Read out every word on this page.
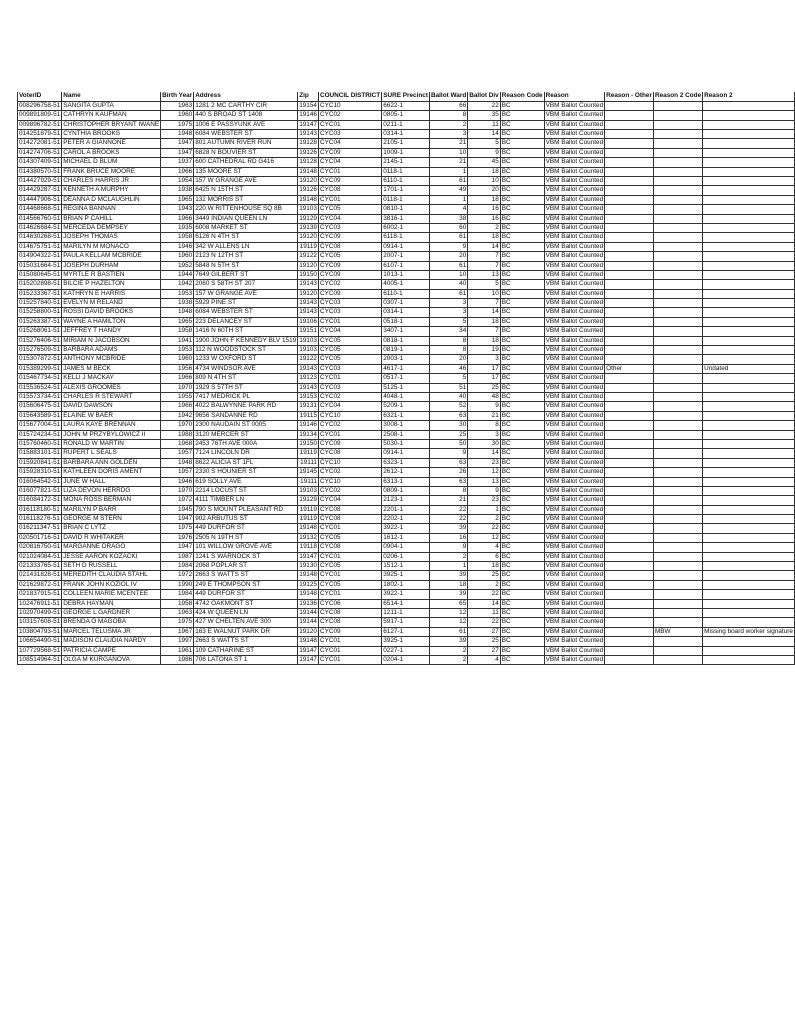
VoterID	Name	Birth Year	Address	Zip	COUNCIL DISTRICT	SURE Precinct	Ballot Ward	Ballot Div	Reason Code	Reason	Reason - Other	Reason 2 Code	Reason 2
008296758-51	SANGITA GUPTA	1963	1281 2 MC CARTHY CIR	19154	CYC10	6622-1	66	22	BC	VBM Ballot Counted			
009891809-51	CATHRYN KAUFMAN	1960	440 S BROAD ST 1408	19146	CYC02	0805-1	8	35	BC	VBM Ballot Counted			
009896782-51	CHRISTOPHER BRYANT IWANE	1975	1006 E PASSYUNK AVE	19147	CYC01	0211-1	2	11	BC	VBM Ballot Counted			
014251879-51	CYNTHIA BROOKS	1948	6084 WEBSTER ST	19143	CYC03	0314-1	3	14	BC	VBM Ballot Counted			
014272081-51	PETER A GIANNONE	1947	801 AUTUMN RIVER RUN	19128	CYC04	2105-1	21	5	BC	VBM Ballot Counted			
014274706-51	CAROL A BROOKS	1947	6828 N BOUVIER ST	19126	CYC09	1009-1	10	9	BC	VBM Ballot Counted			
014307409-51	MICHAEL D BLUM	1937	600 CATHEDRAL RD G416	19128	CYC04	2145-1	21	45	BC	VBM Ballot Counted			
014380570-51	FRANK BRUCE MOORE	1966	135 MOORE ST	19148	CYC01	0118-1	1	18	BC	VBM Ballot Counted			
014427929-51	CHARLES HARRIS JR	1954	157 W GRANGE AVE	19120	CYC09	6110-1	61	10	BC	VBM Ballot Counted			
014429287-51	KENNETH A MURPHY	1938	6425 N 15TH ST	19126	CYC08	1701-1	49	20	BC	VBM Ballot Counted			
014447906-51	DEANNA D MCLAUGHLIN	1965	132 MORRIS ST	19148	CYC01	0118-1	1	18	BC	VBM Ballot Counted			
014468668-51	REGINA BANNAN	1943	220 W RITTENHOUSE SQ 8B	19103	CYC05	0810-1	4	16	BC	VBM Ballot Counted			
014566760-51	BRIAN P CAHILL	1966	3449 INDIAN QUEEN LN	19129	CYC04	3816-1	38	16	BC	VBM Ballot Counted			
014626684-51	MERCEDA DEMPSEY	1935	6008 MARKET ST	19139	CYC03	6002-1	60	2	BC	VBM Ballot Counted			
014630268-51	JOSEPH THOMAS	1958	6126 N 4TH ST	19120	CYC09	6118-1	61	18	BC	VBM Ballot Counted			
014675751-51	MARILYN M MONACO	1946	342 W ALLENS LN	19119	CYC08	0914-1	9	14	BC	VBM Ballot Counted			
014904322-51	PAULA KELLAM MCBRIDE	1960	2123 N 12TH ST	19122	CYC05	2007-1	20	7	BC	VBM Ballot Counted			
015031664-51	JOSEPH DURHAM	1952	5848 N 5TH ST	19120	CYC09	6107-1	61	7	BC	VBM Ballot Counted			
015080645-51	MYRTLE R BASTIEN	1944	7649 GILBERT ST	19150	CYC09	1013-1	10	13	BC	VBM Ballot Counted			
015202898-51	BILCIE P HAZELTON	1942	2060 S 58TH ST 207	19143	CYC02	4005-1	40	5	BC	VBM Ballot Counted			
015233367-51	KATHRYN E HARRIS	1953	157 W GRANGE AVE	19120	CYC09	6110-1	61	10	BC	VBM Ballot Counted			
015257840-51	EVELYN M RELAND	1938	5929 PINE ST	19143	CYC03	0307-1	3	7	BC	VBM Ballot Counted			
015258800-51	ROSSI DAVID BROOKS	1948	6084 WEBSTER ST	19143	CYC03	0314-1	3	14	BC	VBM Ballot Counted			
015263387-51	WAYNE A HAMILTON	1965	223 DELANCEY ST	19106	CYC01	0518-1	5	18	BC	VBM Ballot Counted			
015268061-51	JEFFREY T HANDY	1958	1416 N 60TH ST	19151	CYC04	3407-1	34	7	BC	VBM Ballot Counted			
015276406-51	MIRIAM N JACOBSON	1941	1900 JOHN F KENNEDY BLV 1519	19103	CYC05	0818-1	8	18	BC	VBM Ballot Counted			
015276509-51	BARBARA ADAMS	1953	112 N WOODSTOCK ST	19103	CYC05	0819-1	8	19	BC	VBM Ballot Counted			
015307872-51	ANTHONY MCBRIDE	1960	1233 W OXFORD ST	19122	CYC05	2003-1	20	3	BC	VBM Ballot Counted			
015389299-51	JAMES M BECK	1956	4734 WINDSOR AVE	19143	CYC03	4617-1	46	17	BC	VBM Ballot Counted	Other		Undated
015467734-51	KELLI J MACKAY	1966	809 N 4TH ST	19123	CYC01	0517-1	5	17	BC	VBM Ballot Counted			
015536524-51	ALEXIS GROOMES	1970	1929 S 57TH ST	19143	CYC03	5125-1	51	25	BC	VBM Ballot Counted			
015573734-51	CHARLES R STEWART	1955	7417 MEDRICK PL	19153	CYC02	4048-1	40	48	BC	VBM Ballot Counted			
015606475-51	DAVID DAWSON	1966	4022 BALWYNNE PARK RD	19131	CYC04	5209-1	52	9	BC	VBM Ballot Counted			
015643589-51	ELAINE W BAER	1942	9656 SANDANNE RD	19115	CYC10	6321-1	63	21	BC	VBM Ballot Counted			
015677004-51	LAURA KAYE BRENNAN	1970	2300 NAUDAIN ST 0005	19146	CYC02	3008-1	30	8	BC	VBM Ballot Counted			
015724234-51	JOHN M PRZYBYLOWICZ II	1988	3120 MERCER ST	19134	CYC01	2508-1	25	3	BC	VBM Ballot Counted			
015760460-51	RONALD W MARTIN	1968	2453 76TH AVE 000A	19150	CYC09	5030-1	50	30	BC	VBM Ballot Counted			
015883101-51	RUPERT L SEALS	1957	7124 LINCOLN DR	19119	CYC08	0914-1	9	14	BC	VBM Ballot Counted			
015920841-51	BARBARA ANN GOLDEN	1948	8622 ALICIA ST 1FL	19111	CYC10	6323-1	63	23	BC	VBM Ballot Counted			
015928310-51	KATHLEEN DORIS AMENT	1957	2330 S HOUNIER ST	19145	CYC02	2612-1	26	12	BC	VBM Ballot Counted			
016064542-51	JUNE W HALL	1946	619 SOLLY AVE	19111	CYC10	6313-1	63	13	BC	VBM Ballot Counted			
016077821-51	LIZA DEVON HERRDG	1970	2214 LOCUST ST	19103	CYC02	0809-1	8	9	BC	VBM Ballot Counted			
016084172-51	MONA ROSS BERMAN	1972	4111 TIMBER LN	19129	CYC04	2123-1	21	23	BC	VBM Ballot Counted			
016118180-51	MARILYN P BARR	1945	790 S MOUNT PLEASANT RD	19119	CYC08	2201-1	22	1	BC	VBM Ballot Counted			
016118276-51	GEORGE M STERN	1947	902 ARBUTUS ST	19119	CYC08	2202-1	22	2	BC	VBM Ballot Counted			
016211347-51	BRIAN C LYTZ	1975	449 DURFOR ST	19148	CYC01	3922-1	39	22	BC	VBM Ballot Counted			
020501716-51	DAVID R WHITAKER	1976	2505 N 19TH ST	19132	CYC05	1612-1	16	12	BC	VBM Ballot Counted			
020816750-51	MARGANNE DRAGO	1947	101 WILLOW GROVE AVE	19118	CYC08	0904-1	9	4	BC	VBM Ballot Counted			
021024084-51	JESSE AARON KOZACKI	1987	1241 S WARNOCK ST	19147	CYC01	0206-1	2	6	BC	VBM Ballot Counted			
021333765-51	SETH D RUSSELL	1984	2068 POPLAR ST	19130	CYC05	1512-1	1	18	BC	VBM Ballot Counted			
021431828-51	MEREDITH CLAUDIA STAHL	1972	2663 S WATTS ST	19148	CYC01	3925-1	39	25	BC	VBM Ballot Counted			
021629872-51	FRANK JOHN KOZIOL IV	1990	249 E THOMPSON ST	19125	CYC05	1802-1	18	2	BC	VBM Ballot Counted			
021837915-51	COLLEEN MARIE MCENTEE	1984	449 DURFOR ST	19148	CYC01	3922-1	39	22	BC	VBM Ballot Counted			
102476911-51	DEBRA HAYMAN	1958	4742 OAKMONT ST	19136	CYC06	6514-1	65	14	BC	VBM Ballot Counted			
102970499-51	GEORGE L GARDNER	1963	424 W QUEEN LN	19144	CYC08	1211-1	12	11	BC	VBM Ballot Counted			
103157608-51	BRENDA O MAGOBA	1975	427 W CHELTEN AVE 300	19144	CYC08	5917-1	12	22	BC	VBM Ballot Counted			
103804793-51	MARCEL TELUSMA JR	1967	163 E WALNUT PARK DR	19120	CYC09	6127-1	61	27	BC	VBM Ballot Counted		MBW	Missing board worker signature
106654490-51	MADISON CLAUDIA NARDY	1997	2663 S WATTS ST	19148	CYC01	3925-1	39	25	BC	VBM Ballot Counted			
107729568-51	PATRICIA CAMPE	1961	109 CATHARINE ST	19147	CYC01	0227-1	2	27	BC	VBM Ballot Counted			
108514964-51	OLGA M KURGANOVA	1986	706 LATONA ST 1	19147	CYC01	0204-1	2	4	BC	VBM Ballot Counted			
